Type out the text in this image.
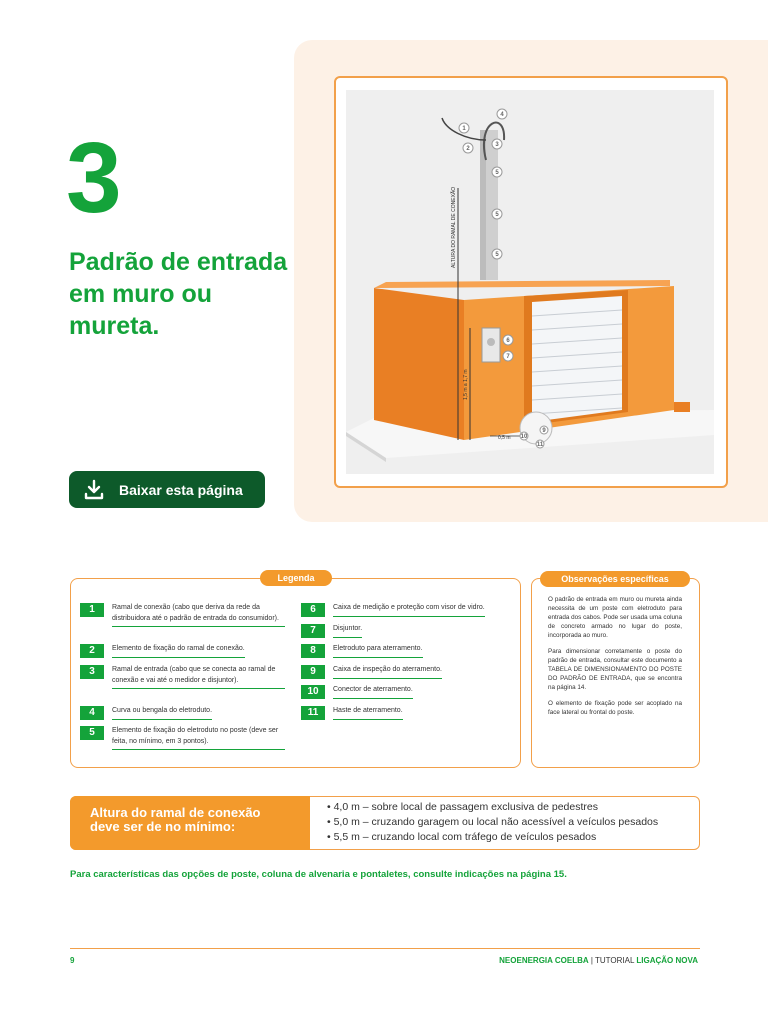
3
Padrão de entrada em muro ou mureta.
Baixar esta página
ALTURA DO RAMAL DE CONEXÃO
1,5 m a 1,7 m
0,5 m
1
2
3
4
5
5
5
6
7
9
10
11
Legenda
1	Ramal de conexão (cabo que deriva da rede da distribuidora até o padrão de entrada do consumidor).
2	Elemento de fixação do ramal de conexão.
3	Ramal de entrada (cabo que se conecta ao ramal de conexão e vai até o medidor e disjuntor).
4	Curva ou bengala do eletroduto.
5	Elemento de fixação do eletroduto no poste (deve ser feita, no mínimo, em 3 pontos).
6	Caixa de medição e proteção com visor de vidro.
7	Disjuntor.
8	Eletroduto para aterramento.
9	Caixa de inspeção do aterramento.
10	Conector de aterramento.
11	Haste de aterramento.
Observações específicas

O padrão de entrada em muro ou mureta ainda necessita de um poste com eletroduto para entrada dos cabos. Pode ser usada uma coluna de concreto armado no lugar do poste, incorporada ao muro.

Para dimensionar corretamente o poste do padrão de entrada, consultar este documento a TABELA DE DIMENSIONAMENTO DO POSTE DO PADRÃO DE ENTRADA, que se encontra na página 14.

O elemento de fixação pode ser acoplado na face lateral ou frontal do poste.

Altura do ramal de conexão deve ser de no mínimo:
• 4,0 m – sobre local de passagem exclusiva de pedestres
• 5,0 m – cruzando garagem ou local não acessível a veículos pesados
• 5,5 m – cruzando local com tráfego de veículos pesados
Para características das opções de poste, coluna de alvenaria e pontaletes, consulte indicações na página 15.
9	NEOENERGIA COELBA | TUTORIAL LIGAÇÃO NOVA
